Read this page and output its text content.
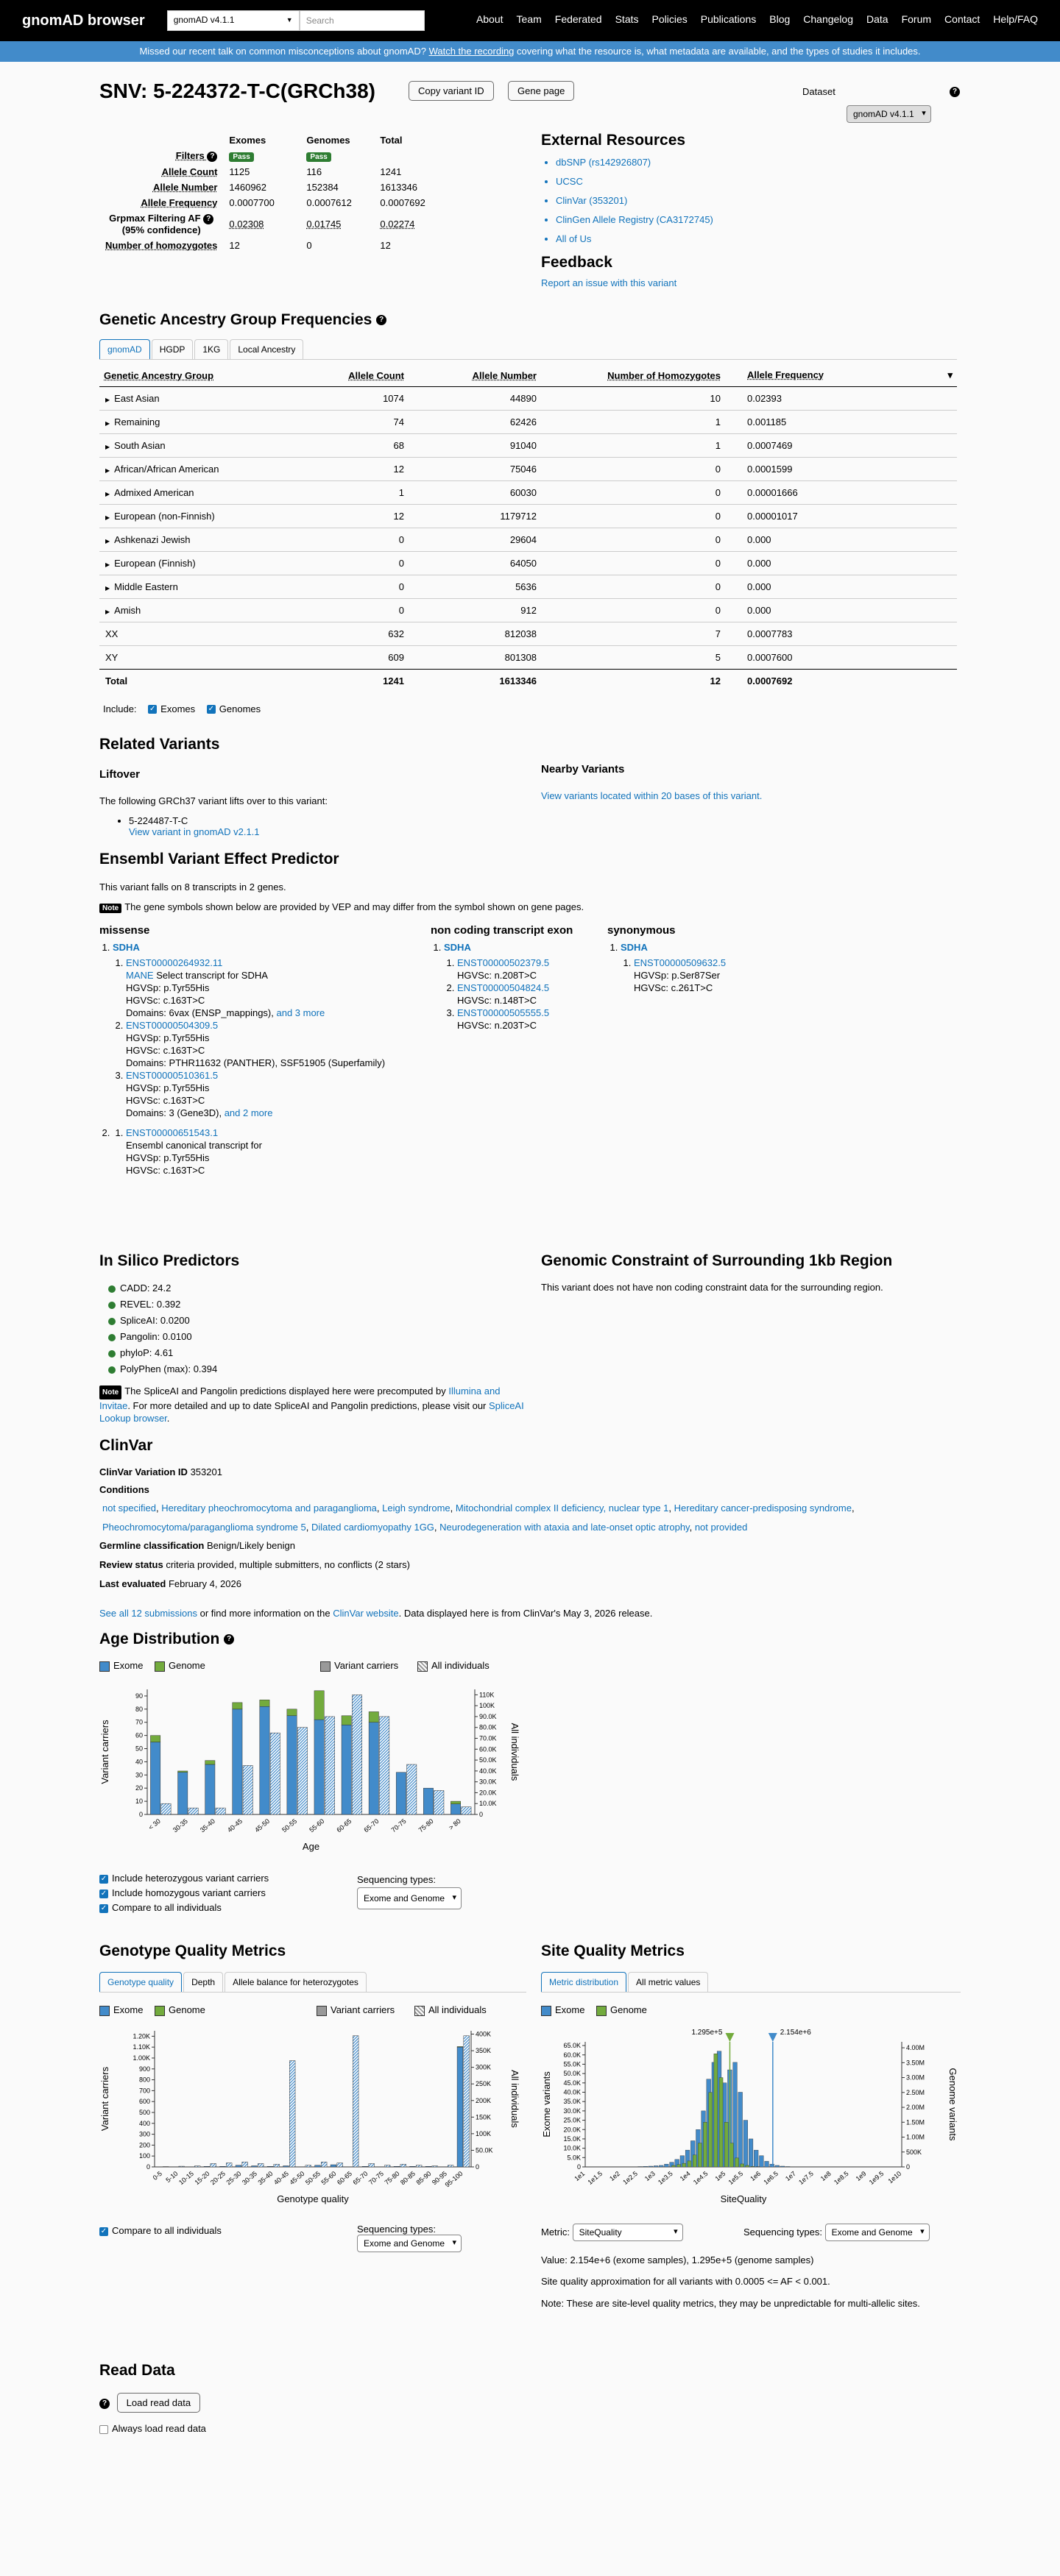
gnomAD browser	gnomAD v4.1.1	▼	Search	About Team Federated Stats Policies Publications Blog Changelog Data Forum Contact Help/FAQ
Missed our recent talk on common misconceptions about gnomAD? Watch the recording covering what the resource is, what metadata are available, and the types of studies it includes.
SNV: 5-224372-T-C(GRCh38)	Copy variant ID	Gene page	Dataset
gnomAD v4.1.1 ▾
?
	Exomes	Genomes	Total
Filters ?	Pass	Pass	
Allele Count	1125	116	1241
Allele Number	1460962	152384	1613346
Allele Frequency	0.0007700	0.0007612	0.0007692
Grpmax Filtering AF ?
(95% confidence)	0.02308	0.01745	0.02274
Number of homozygotes	12	0	12
External Resources
• dbSNP (rs142926807)
• UCSC
• ClinVar (353201)
• ClinGen Allele Registry (CA3172745)
• All of Us
Feedback
Report an issue with this variant
Genetic Ancestry Group Frequencies ?
gnomAD	HGDP	1KG	Local Ancestry
Genetic Ancestry Group	Allele Count	Allele Number	Number of Homozygotes	Allele Frequency ▾

▶ East Asian	1074	44890	10	0.02393
▶ Remaining	74	62426	1	0.001185
▶ South Asian	68	91040	1	0.0007469
▶ African/African American	12	75046	0	0.0001599
▶ Admixed American	1	60030	0	0.00001666
▶ European (non-Finnish)	12	1179712	0	0.00001017
▶ Ashkenazi Jewish	0	29604	0	0.000
▶ European (Finnish)	0	64050	0	0.000
▶ Middle Eastern	0	5636	0	0.000
▶ Amish	0	912	0	0.000
XX	632	812038	7	0.0007783
XY	609	801308	5	0.0007600
Total	1241	1613346	12	0.0007692
Include: ✓ Exomes ✓ Genomes
Related Variants
Liftover

The following GRCh37 variant lifts over to this variant:

• 5-224487-T-C
View variant in gnomAD v2.1.1
Nearby Variants

View variants located within 20 bases of this variant.

Ensembl Variant Effect Predictor

This variant falls on 8 transcripts in 2 genes.

Note The gene symbols shown below are provided by VEP and may differ from the symbol shown on gene pages.

missense
1. SDHA
1. ENST00000264932.11
MANE Select transcript for SDHA
HGVSp: p.Tyr55His
HGVSc: c.163T>C
Domains: 6vax (ENSP_mappings), and 3 more
2. ENST00000504309.5
HGVSp: p.Tyr55His
HGVSc: c.163T>C
Domains: PTHR11632 (PANTHER), SSF51905 (Superfamily)
3. ENST00000510361.5
HGVSp: p.Tyr55His
HGVSc: c.163T>C
Domains: 3 (Gene3D), and 2 more
1. 2. ENST00000651543.1
Ensembl canonical transcript for
HGVSp: p.Tyr55His
HGVSc: c.163T>C
non coding transcript exon
1. SDHA
1. ENST00000502379.5
HGVSc: n.208T>C
2. ENST00000504824.5
HGVSc: n.148T>C
3. ENST00000505555.5
HGVSc: n.203T>C
synonymous
1. SDHA
1. ENST00000509632.5
HGVSp: p.Ser87Ser
HGVSc: c.261T>C
In Silico Predictors
CADD: 24.2
REVEL: 0.392
SpliceAI: 0.0200
Pangolin: 0.0100
phyloP: 4.61
PolyPhen (max): 0.394

Note The SpliceAI and Pangolin predictions displayed here were precomputed by Illumina and Invitae. For more detailed and up to date SpliceAI and Pangolin predictions, please visit our SpliceAI Lookup browser.

Genomic Constraint of Surrounding 1kb Region

This variant does not have non coding constraint data for the surrounding region.

ClinVar

ClinVar Variation ID 353201

Conditions

not specified, Hereditary pheochromocytoma and paraganglioma, Leigh syndrome, Mitochondrial complex II deficiency, nuclear type 1, Hereditary cancer-predisposing syndrome, Pheochromocytoma/paraganglioma syndrome 5, Dilated cardiomyopathy 1GG, Neurodegeneration with ataxia and late-onset optic atrophy, not provided

Germline classification Benign/Likely benign

Review status criteria provided, multiple submitters, no conflicts (2 stars)

Last evaluated February 4, 2026

See all 12 submissions or find more information on the ClinVar website. Data displayed here is from ClinVar's May 3, 2026 release.

Age Distribution ?
Exome	Genome	Variant carriers	All individuals
0
10
20
30
40
50
60
70
80
90
0
10.0K
20.0K
30.0K
40.0K
50.0K
60.0K
70.0K
80.0K
90.0K
100K
110K
< 30 30-35 35-40 40-45 45-50 50-55 55-60 60-65 65-70 70-75 75-80 > 80
Age
Variant carriers	All individuals
✓ Include heterozygous variant carriers
✓ Include homozygous variant carriers
✓ Compare to all individuals
Sequencing types: Exome and Genome ▾
Genotype Quality Metrics
Genotype quality	Depth	Allele balance for heterozygotes
Exome	Genome	Variant carriers	All individuals
0
100
200
300
400
500
600
700
800
900
1.00K
1.10K
1.20K
0
50.0K
100K
150K
200K
250K
300K
350K
400K
0-5 5-10
10-15
15-20
20-25
25-30
30-35
35-40
40-45
45-50
50-55
55-60
60-65
65-70
70-75
75-80
80-85
85-90
90-95
95-100
Genotype quality
Variant carriers	All individuals
✓ Compare to all individuals	Sequencing types: Exome and Genome ▾
Site Quality Metrics
Metric distribution	All metric values
Exome	Genome
0
5.0K
10.0K
15.0K
20.0K
25.0K
30.0K
35.0K
40.0K
45.0K
50.0K
55.0K
60.0K
65.0K
0
500K
1.00M
1.50M
2.00M
2.50M
3.00M
3.50M
4.00M
1e1 1e1.5 1e2 1e2.5 1e3 1e3.5 1e4 1e4.5 1e5 1e5.5 1e6 1e6.5 1e7 1e7.5 1e8 1e8.5 1e9 1e9.5 1e10
1.295e+5	2.154e+6
SiteQuality
Exome variants	Genome variants
Metric: SiteQuality ▾	Sequencing types: Exome and Genome ▾

Value: 2.154e+6 (exome samples), 1.295e+5 (genome samples)

Site quality approximation for all variants with 0.0005 <= AF < 0.001.

Note: These are site-level quality metrics, they may be unpredictable for multi-allelic sites.

Read Data
? Load read data
Always load read data
